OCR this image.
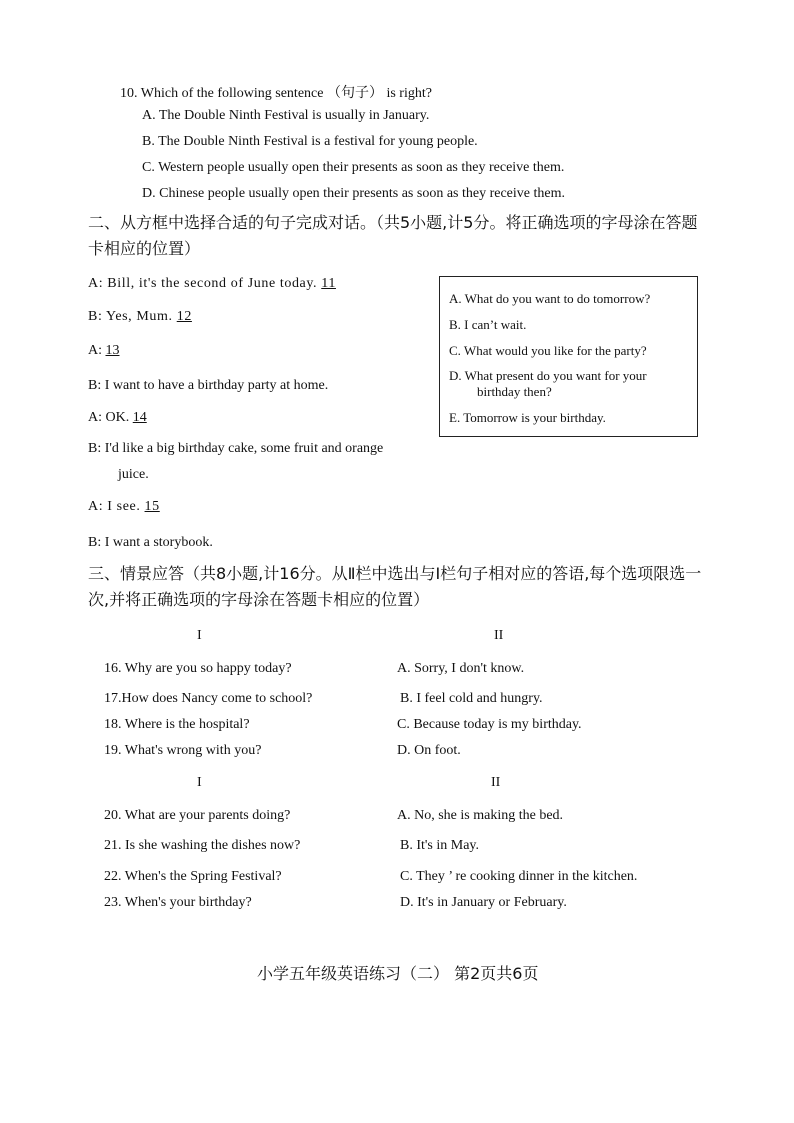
10. Which of the following sentence （句子） is right?
A. The Double Ninth Festival is usually in January.
B. The Double Ninth Festival is a festival for young people.
C. Western people usually open their presents as soon as they receive them.
D. Chinese people usually open their presents as soon as they receive them.
二、从方框中选择合适的句子完成对话。（共5小题,计5分。将正确选项的字母涂在答题
卡相应的位置）
A: Bill, it's the second of June today. 11
B: Yes, Mum. 12
A: 13
B: I want to have a birthday party at home.
A: OK. 14
B: I'd like a big birthday cake, some fruit and orange
juice.
A: I see. 15
B: I want a storybook.
A. What do you want to do tomorrow?
B. I can’t wait.
C. What would you like for the party?
D. What present do you want for your
birthday then?
E. Tomorrow is your birthday.
三、情景应答（共8小题,计16分。从Ⅱ栏中选出与Ⅰ栏句子相对应的答语,每个选项限选一
次,并将正确选项的字母涂在答题卡相应的位置）
I	II
16. Why are you so happy today?
17.How does Nancy come to school?
18. Where is the hospital?
19. What's wrong with you?
A. Sorry, I don't know.
B. I feel cold and hungry.
C. Because today is my birthday.
D. On foot.
I	II
20. What are your parents doing?
21. Is she washing the dishes now?
22. When's the Spring Festival?
23. When's your birthday?
A. No, she is making the bed.
B. It's in May.
C. They ’ re cooking dinner in the kitchen.
D. It's in January or February.
小学五年级英语练习（二） 第2页共6页
